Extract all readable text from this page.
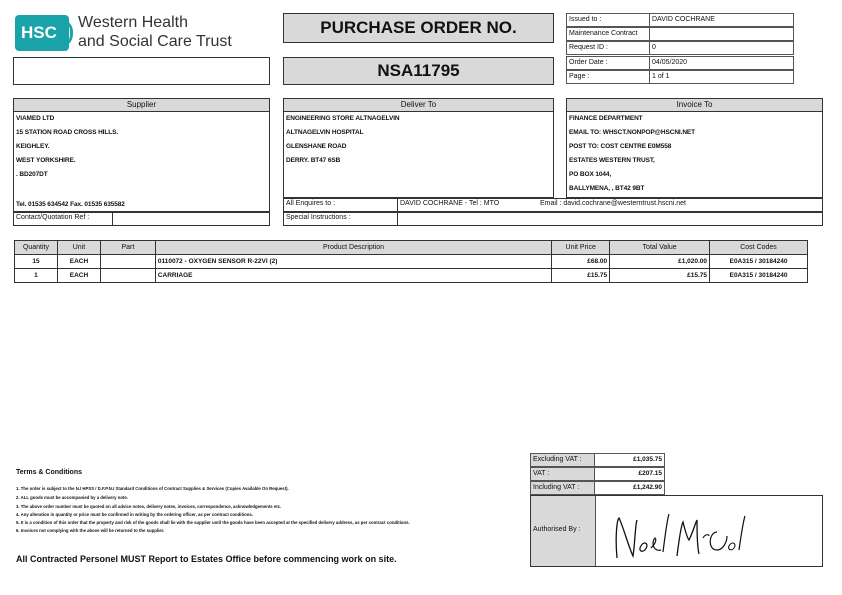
HSC
Western Health
and Social Care Trust
PURCHASE ORDER NO.
NSA11795
Issued to :	DAVID COCHRANE
Maintenance Contract
Request ID :	0
Order Date :	04/05/2020
Page :	1 of 1
Supplier
VIAMED LTD
15 STATION ROAD CROSS HILLS.
KEIGHLEY.
WEST YORKSHIRE.
. BD207DT
Tel. 01535 634542 Fax. 01535 635582
Contact/Quotation Ref :
Deliver To
ENGINEERING STORE ALTNAGELVIN
ALTNAGELVIN HOSPITAL
GLENSHANE ROAD
DERRY. BT47 6SB
Invoice To
FINANCE DEPARTMENT
EMAIL TO: WHSCT.NONPOP@HSCNI.NET
POST TO: COST CENTRE E0M558
ESTATES WESTERN TRUST,
PO BOX 1044,
BALLYMENA, , BT42 9BT
All Enquires to :	DAVID COCHRANE - Tel : MTO	Email : david.cochrane@westerntrust.hscni.net
Special Instructions :
Quantity	Unit	Part	Product Description	Unit Price	Total Value	Cost Codes
15	EACH		0110072 - OXYGEN SENSOR R-22VI (2)	£68.00	£1,020.00	E0A315 / 30184240
1	EACH		CARRIAGE	£15.75	£15.75	E0A315 / 30184240
Terms & Conditions
1. The order is subject to the N.I HPSS / D.F.P.N.I Standard Conditions of Contract Supplies & Services (Copies Available On Request).
2. ALL goods must be accompanied by a delivery note.
3. The above order number must be quoted on all advice notes, delivery notes, invoices, correspondence, acknowledgements etc.
4. Any alteration in quantity or price must be confirmed in writing by the ordering officer, as per contract conditions.
5. It is a condition of this order that the property and risk of the goods shall lie with the supplier until the goods have been accepted at the specified delivery address, as per contract conditions.
6. Invoices not complying with the above will be returned to the supplier.
All Contracted Personel MUST Report to Estates Office before commencing work on site.
Excluding VAT :	£1,035.75
VAT :	£207.15
Including VAT :	£1,242.90
Authorised By :
